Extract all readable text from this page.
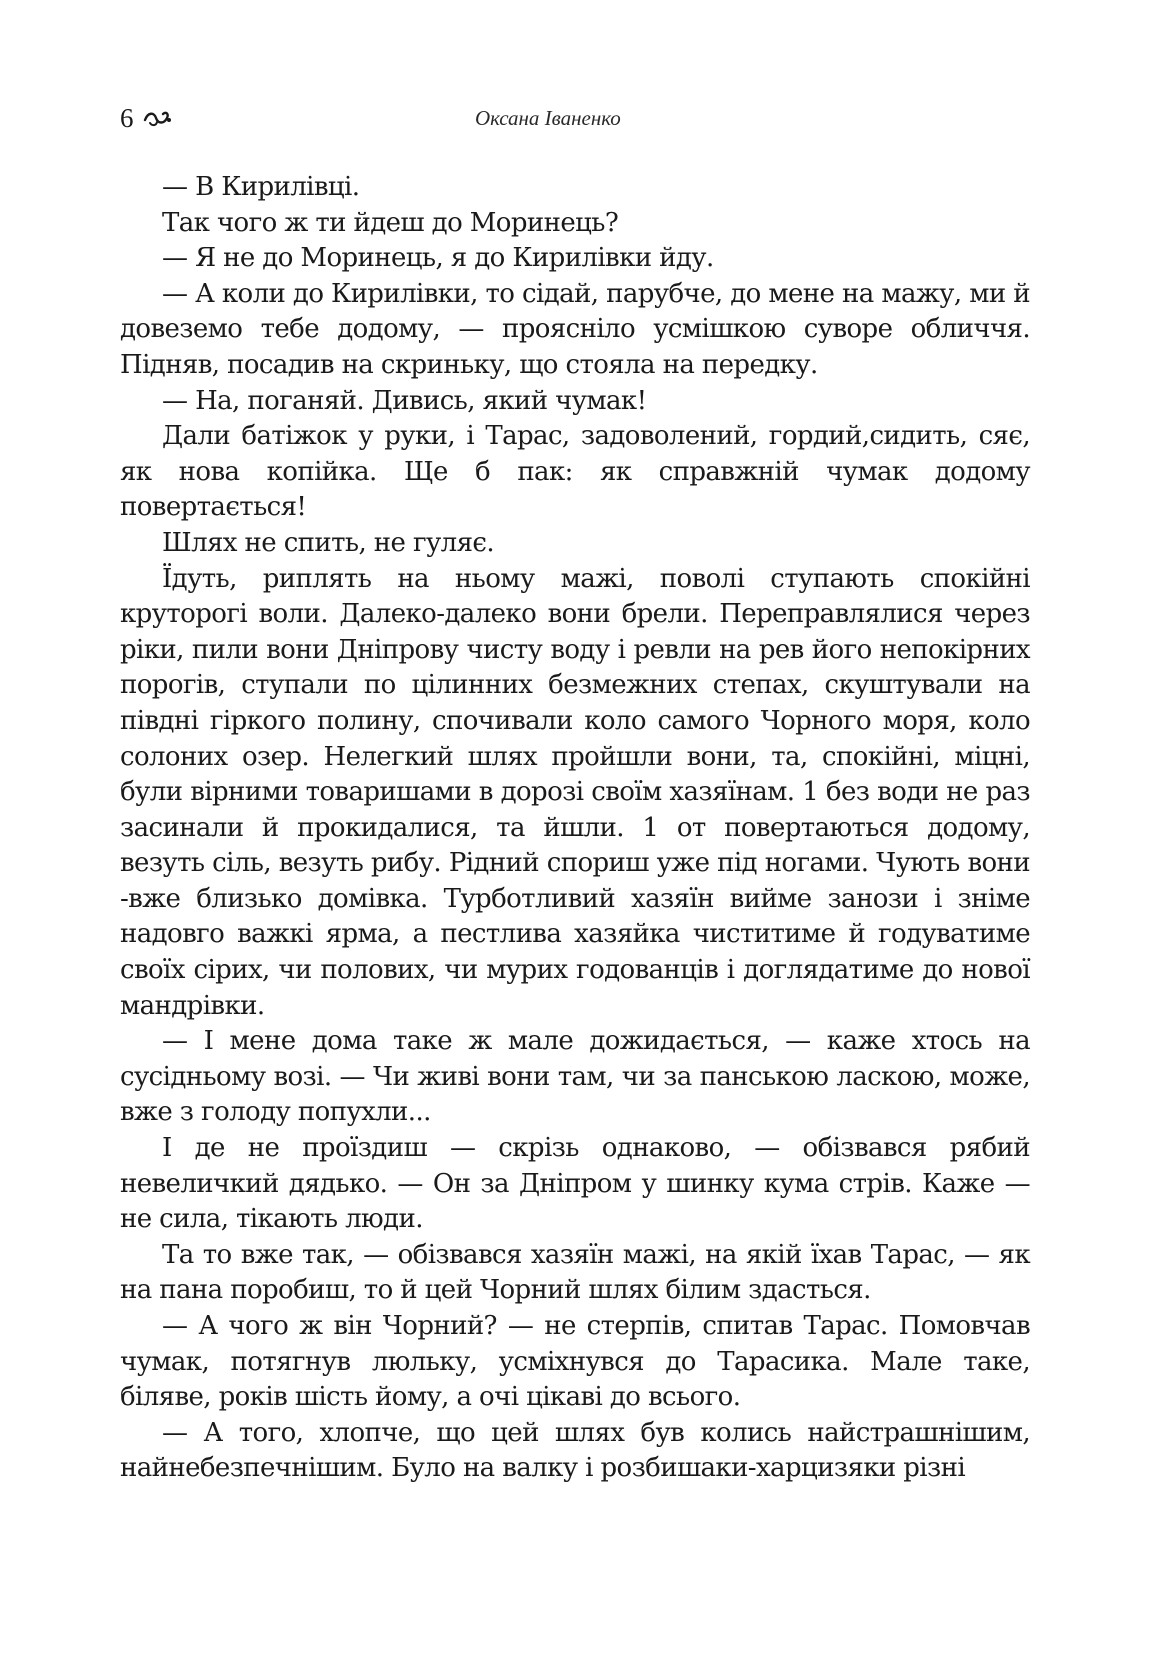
6	Оксана Іваненко

— В Кирилівці.

Так чого ж ти йдеш до Моринець?

— Я не до Моринець, я до Кирилівки йду.

— А коли до Кирилівки, то сідай, парубче, до мене на мажу, ми й довеземо тебе додому, — проясніло усмішкою суворе обличчя. Підняв, посадив на скриньку, що стояла на передку.

— На, поганяй. Дивись, який чумак!

Дали батіжок у руки, і Тарас, задоволений, гордий,сидить, сяє, як нова копійка. Ще б пак: як справжній чумак додому повертається!

Шлях не спить, не гуляє.

Їдуть, риплять на ньому мажі, поволі ступають спокійні круторогі воли. Далеко-далеко вони брели. Переправлялися через ріки, пили вони Дніпрову чисту воду і ревли на рев його непокірних порогів, ступали по цілинних безмежних степах, скуштували на півдні гіркого полину, спочивали коло самого Чорного моря, коло солоних озер. Нелегкий шлях пройшли вони, та, спокійні, міцні, були вірними товаришами в дорозі своїм хазяїнам. 1 без води не раз засинали й прокидалися, та йшли. 1 от повертаються додому, везуть сіль, везуть рибу. Рідний спориш уже під ногами. Чують вони -вже близько домівка. Турботливий хазяїн вийме занози і зніме надовго важкі ярма, а пестлива хазяйка чиститиме й годуватиме своїх сірих, чи полових, чи мурих годованців і доглядатиме до нової мандрівки.

— І мене дома таке ж мале дожидається, — каже хтось на сусідньому возі. — Чи живі вони там, чи за панською ласкою, може, вже з голоду попухли...

І де не проїздиш — скрізь однаково, — обізвався рябий невеличкий дядько. — Он за Дніпром у шинку кума стрів. Каже — не сила, тікають люди.

Та то вже так, — обізвався хазяїн мажі, на якій їхав Тарас, — як на пана поробиш, то й цей Чорний шлях білим здасться.

— А чого ж він Чорний? — не стерпів, спитав Тарас. Помовчав чумак, потягнув люльку, усміхнувся до Тарасика. Мале таке, біляве, років шість йому, а очі цікаві до всього.

— А того, хлопче, що цей шлях був колись найстрашнішим, найнебезпечнішим. Було на валку і розбишаки-харцизяки різні
